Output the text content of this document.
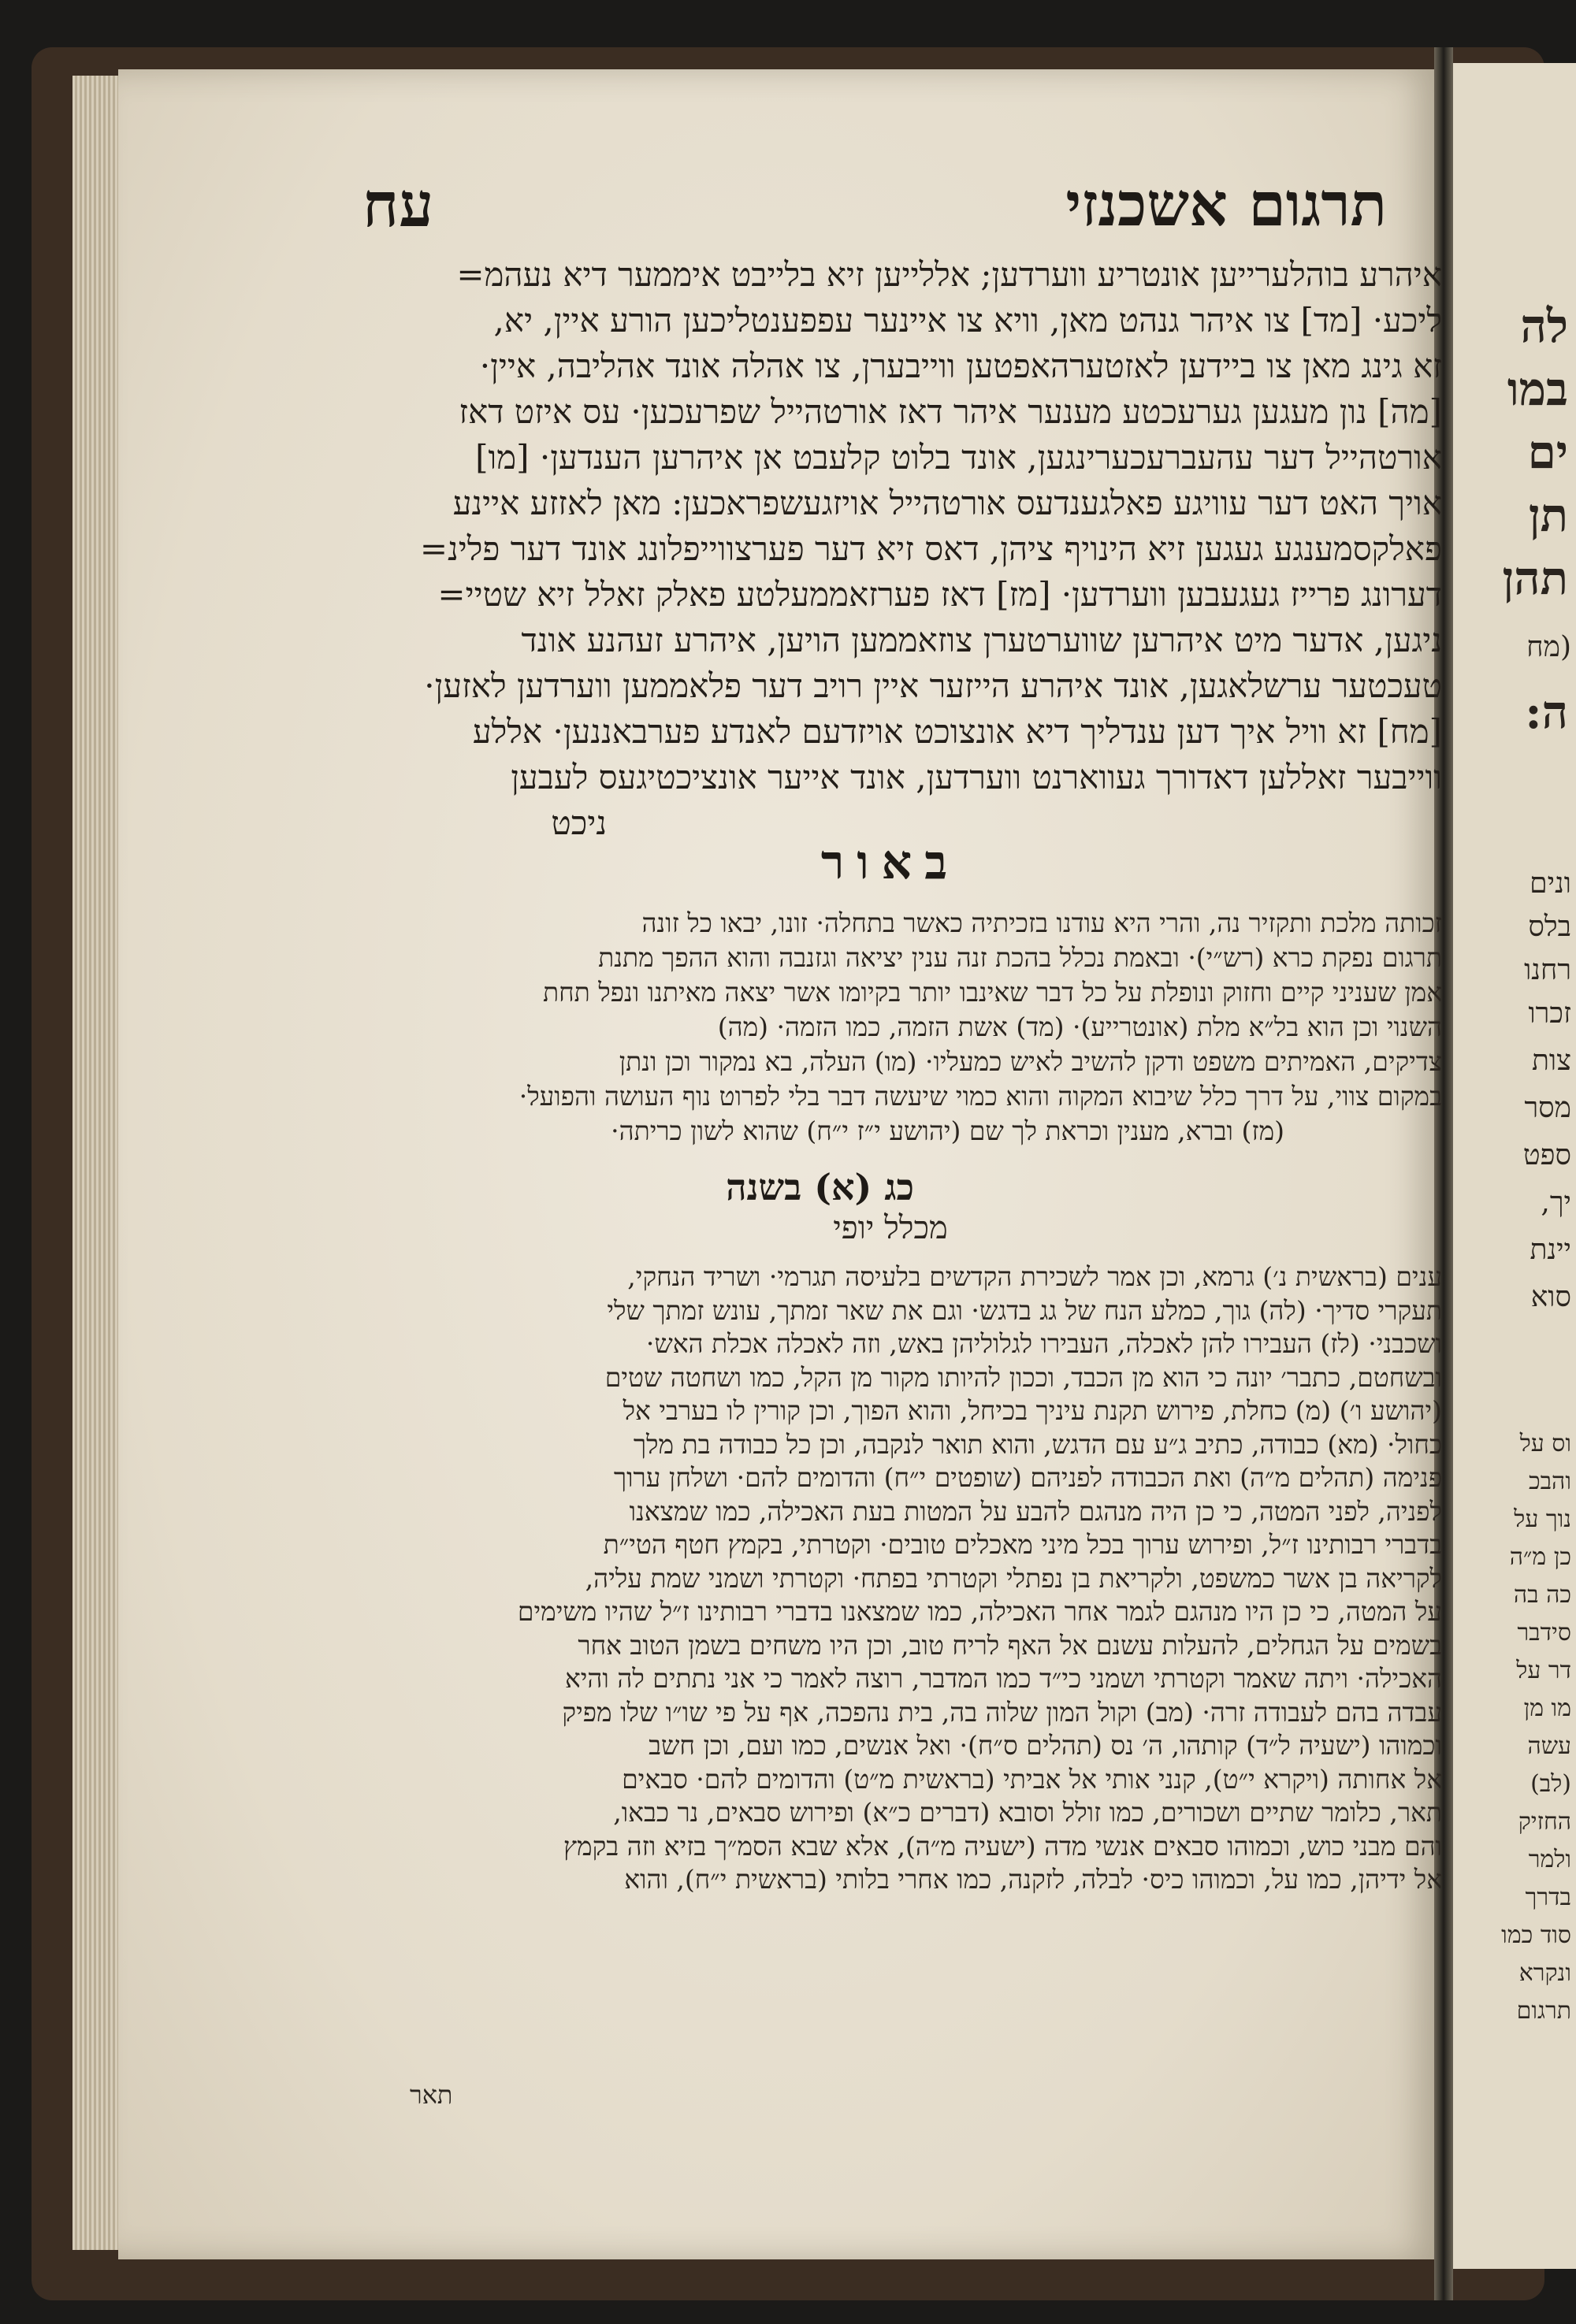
עח	תרגום אשכנזי

איהרע בוהלערייען אונטריע ווערדען; אללייען זיא בלייבט איממער דיא נעהמ=

ליכע· [מד] צו איהר גנהט מאן, וויא צו איינער עפפענטליכען הורע איין, יא,

זא גינג מאן צו ביידען לאזטערהאפטען ווייבערן, צו אהלה אונד אהליבה, איין·

[מה] נון מעגען גערעכטע מענער איהר דאז אורטהייל שפרעכען· עס איזט דאז

אורטהייל דער עהעברעכערינגען, אונד בלוט קלעבט אן איהרען הענדען· [מו]

אויך האט דער עוויגע פאלגענדעס אורטהייל אויזגעשפראכען: מאן לאזזע איינע

פאלקסמענגע געגען זיא הינויף ציהן, דאס זיא דער פערצווייפלונג אונד דער פלינ=

דערונג פרייז געגעבען ווערדען· [מז] דאז פערזאממעלטע פאלק זאלל זיא שטיי=

ניגען, אדער מיט איהרען שווערטערן צוזאממען הויען, איהרע זעהנע אונד

טעכטער ערשלאגען, אונד איהרע הייזער איין רויב דער פלאממען ווערדען לאזען·

[מח] זא וויל איך דען ענדליך דיא אונצוכט אויזדעם לאנדע פערבאננען· אללע

ווייבער זאללען דאדורך געווארנט ווערדען, אונד אייער אונציכטיגעס לעבען

ניכט

באור

זכותה מלכת ותקזיר נה, והרי היא עודנו בזכיתיה כאשר בתחלה· זונו, יבאו כל זונה

תרגום נפקת כרא (רש״י)· ובאמת נכלל בהכת זנה ענין יציאה וגזנבה והוא ההפך מתנת

אמן שעניני קיים וחזוק ונופלת על כל דבר שאינבו יותר בקיומו אשר יצאה מאיתנו ונפל תחת

השנוי וכן הוא בל״א מלת (אונטרייע)· (מד) אשת הזמה, כמו הזמה· (מה)

צדיקים, האמיתים משפט ודקן להשיב לאיש כמעליו· (מו) העלה, בא נמקור וכן ונתן

במקום צווי, על דרך כלל שיבוא המקוה והוא כמוי שיעשה דבר בלי לפרוט נוף העושה והפועל·

(מז) וברא, מענין וכראת לך שם (יהושע י״ז י״ח) שהוא לשון כריתה·

כג (א) בשנה
מכלל יופי

ענים (בראשית נ׳) גרמא, וכן אמר לשכירת הקדשים בלעיסה תגרמי· ושריד הנחקי,

תעקרי סדיך· (לה) גוך, כמלע הנח של גג בדגש· וגם את שאר זמתך, עונש זמתך שלי

ושכבני· (לז) העבירו להן לאכלה, העבירו לגלוליהן באש, וזה לאכלה אכלת האש·

ובשחטם, כתבר׳ יונה כי הוא מן הכבד, וככון להיותו מקור מן הקל, כמו ושחטה שטים

(יהושע ו׳) (מ) כחלת, פירוש תקנת עיניך בכיחל, והוא הפוך, וכן קורין לו בערבי אל

כחול· (מא) כבודה, כתיב ג״ע עם הדגש, והוא תואר לנקבה, וכן כל כבודה בת מלך

פנימה (תהלים מ״ה) ואת הכבודה לפניהם (שופטים י״ח) והדומים להם· ושלחן ערוך

לפניה, לפני המטה, כי כן היה מנהגם להבע על המטות בעת האכילה, כמו שמצאנו

בדברי רבותינו ז״ל, ופירוש ערוך בכל מיני מאכלים טובים· וקטרתי, בקמץ חטף הטי״ת

לקריאה בן אשר כמשפט, ולקריאת בן נפתלי וקטרתי בפתח· וקטרתי ושמני שמת עליה,

על המטה, כי כן היו מנהגם לגמר אחר האכילה, כמו שמצאנו בדברי רבותינו ז״ל שהיו משימים

בשמים על הגחלים, להעלות עשנם אל האף לריח טוב, וכן היו משחים בשמן הטוב אחר

האכילה· ויתה שאמר וקטרתי ושמני כי״ד כמו המדבר, רוצה לאמר כי אני נתתים לה והיא

עבדה בהם לעבודה זרה· (מב) וקול המון שלוה בה, בית נהפכה, אף על פי שו״ו שלו מפיק

וכמוהו (ישעיה ל״ד) קותהו, ה׳ נס (תהלים ס״ח)· ואל אנשים, כמו ועם, וכן חשב

אל אחותה (ויקרא י״ט), קנני אותי אל אביתי (בראשית מ״ט) והדומים להם· סבאים

תאר, כלומר שתיים ושכורים, כמו זולל וסובא (דברים כ״א) ופירוש סבאים, נר כבאו,

והם מבני כוש, וכמוהו סבאים אנשי מדה (ישעיה מ״ה), אלא שבא הסמ״ך בזיא וזה בקמץ

אל ידיהן, כמו על, וכמוהו כיס· לבלה, לזקנה, כמו אחרי בלותי (בראשית י״ח), והוא

תאר
לה
במו
ים
תן
תהן
(מח
ה:
ונים
בלס
רחנו
זכרו
צות
מסר
ספט
יך,
יינת
סוא
וס על
והבכ
נוך על
כן מ״ה
כה בה
סידבר
דר על
מו מן
עשה
(לב)
החזיק
ולמר
בדרך
סוד כמו
ונקרא
תרגום
